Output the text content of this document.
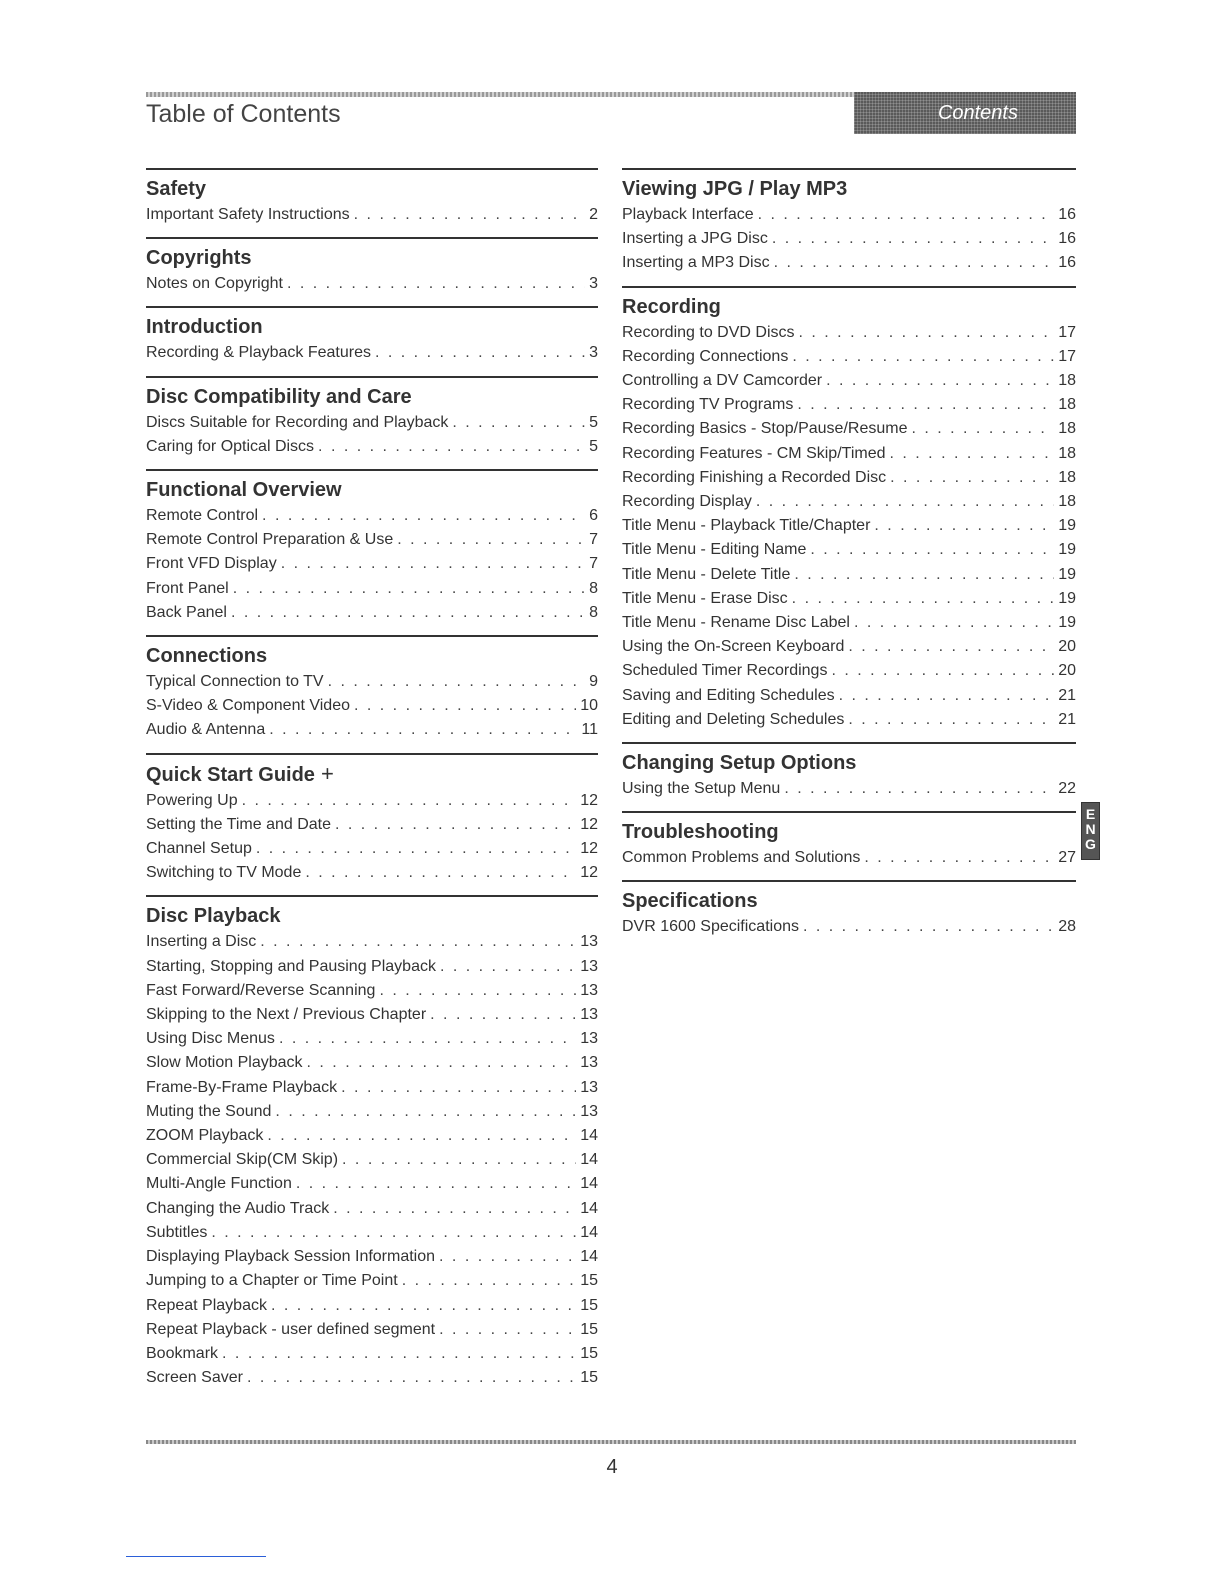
Table of Contents	Contents
Safety
Important Safety Instructions . . .	2
Copyrights
Notes on Copyright . . .	3
Introduction
Recording & Playback Features . . .	3
Disc Compatibility and Care
Discs Suitable for Recording and Playback . . .	5
Caring for Optical Discs . . .	5
Functional Overview
Remote Control . . .	6
Remote Control Preparation & Use . . .	7
Front VFD Display . . .	7
Front Panel . . .	8
Back Panel . . .	8
Connections
Typical Connection to TV . . .	9
S-Video & Component Video . . .	10
Audio & Antenna . . .	11
Quick Start Guide +
Powering Up . . .	12
Setting the Time and Date . . .	12
Channel Setup . . .	12
Switching to TV Mode . . .	12
Disc Playback
Inserting a Disc . . .	13
Starting, Stopping and Pausing Playback . . .	13
Fast Forward/Reverse Scanning . . .	13
Skipping to the Next / Previous Chapter . . .	13
Using Disc Menus . . .	13
Slow Motion Playback . . .	13
Frame-By-Frame Playback . . .	13
Muting the Sound . . .	13
ZOOM Playback . . .	14
Commercial Skip(CM Skip) . . .	14
Multi-Angle Function . . .	14
Changing the Audio Track . . .	14
Subtitles . . .	14
Displaying Playback Session Information . . .	14
Jumping to a Chapter or Time Point . . .	15
Repeat Playback . . .	15
Repeat Playback - user defined segment . . .	15
Bookmark . . .	15
Screen Saver . . .	15
Viewing JPG / Play MP3
Playback Interface . . .	16
Inserting a JPG Disc . . .	16
Inserting a MP3 Disc . . .	16
Recording
Recording to DVD Discs . . .	17
Recording Connections . . .	17
Controlling a DV Camcorder . . .	18
Recording TV Programs . . .	18
Recording Basics - Stop/Pause/Resume . . .	18
Recording Features - CM Skip/Timed . . .	18
Recording Finishing a Recorded Disc . . .	18
Recording Display . . .	18
Title Menu - Playback Title/Chapter . . .	19
Title Menu - Editing Name . . .	19
Title Menu - Delete Title . . .	19
Title Menu - Erase Disc . . .	19
Title Menu - Rename Disc Label . . .	19
Using the On-Screen Keyboard . . .	20
Scheduled Timer Recordings . . .	20
Saving and Editing Schedules . . .	21
Editing and Deleting Schedules . . .	21
Changing Setup Options
Using the Setup Menu . . .	22
Troubleshooting
Common Problems and Solutions . . .	27
Specifications
DVR 1600 Specifications . . .	28
E
N
G
4
